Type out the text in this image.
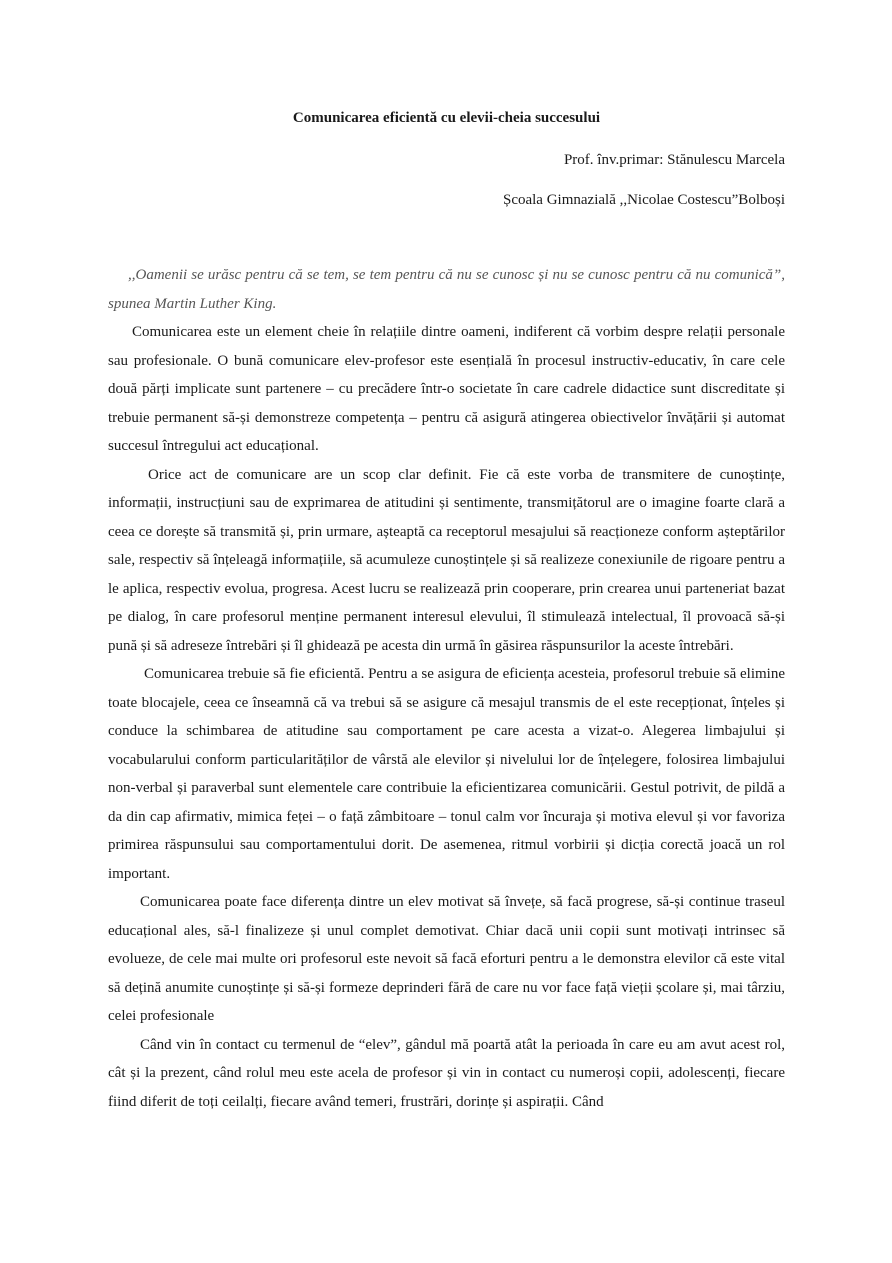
Comunicarea eficientă cu elevii-cheia succesului

Prof. înv.primar: Stănulescu Marcela

Școala Gimnazială ,,Nicolae Costescu”Bolboși

,,Oamenii se urăsc pentru că se tem, se tem pentru că nu se cunosc și nu se cunosc pentru că nu comunică”, spunea Martin Luther King.

Comunicarea este un element cheie în relațiile dintre oameni, indiferent că vorbim despre relații personale sau profesionale. O bună comunicare elev-profesor este esențială în procesul instructiv-educativ, în care cele două părți implicate sunt partenere – cu precădere într-o societate în care cadrele didactice sunt discreditate și trebuie permanent să-și demonstreze competența – pentru că asigură atingerea obiectivelor învățării și automat succesul întregului act educațional.

Orice act de comunicare are un scop clar definit. Fie că este vorba de transmitere de cunoștințe, informații, instrucțiuni sau de exprimarea de atitudini și sentimente, transmițătorul are o imagine foarte clară a ceea ce dorește să transmită și, prin urmare, așteaptă ca receptorul mesajului să reacționeze conform așteptărilor sale, respectiv să înțeleagă informațiile, să acumuleze cunoștințele și să realizeze conexiunile de rigoare pentru a le aplica, respectiv evolua, progresa. Acest lucru se realizează prin cooperare, prin crearea unui parteneriat bazat pe dialog, în care profesorul menține permanent interesul elevului, îl stimulează intelectual, îl provoacă să-și pună și să adreseze întrebări și îl ghidează pe acesta din urmă în găsirea răspunsurilor la aceste întrebări.

Comunicarea trebuie să fie eficientă. Pentru a se asigura de eficiența acesteia, profesorul trebuie să elimine toate blocajele, ceea ce înseamnă că va trebui să se asigure că mesajul transmis de el este recepționat, înțeles și conduce la schimbarea de atitudine sau comportament pe care acesta a vizat-o. Alegerea limbajului și vocabularului conform particularităților de vârstă ale elevilor și nivelului lor de înțelegere, folosirea limbajului non-verbal și paraverbal sunt elementele care contribuie la eficientizarea comunicării. Gestul potrivit, de pildă a da din cap afirmativ, mimica feței – o față zâmbitoare – tonul calm vor încuraja și motiva elevul și vor favoriza primirea răspunsului sau comportamentului dorit. De asemenea, ritmul vorbirii și dicția corectă joacă un rol important.

Comunicarea poate face diferența dintre un elev motivat să învețe, să facă progrese, să-și continue traseul educațional ales, să-l finalizeze și unul complet demotivat. Chiar dacă unii copii sunt motivați intrinsec să evolueze, de cele mai multe ori profesorul este nevoit să facă eforturi pentru a le demonstra elevilor că este vital să dețină anumite cunoștințe și să-și formeze deprinderi fără de care nu vor face față vieții școlare și, mai târziu, celei profesionale

Când vin în contact cu termenul de “elev”, gândul mă poartă atât la perioada în care eu am avut acest rol, cât și la prezent, când rolul meu este acela de profesor și vin in contact cu numeroși copii, adolescenți, fiecare fiind diferit de toți ceilalți, fiecare având temeri, frustrări, dorințe și aspirații. Când
